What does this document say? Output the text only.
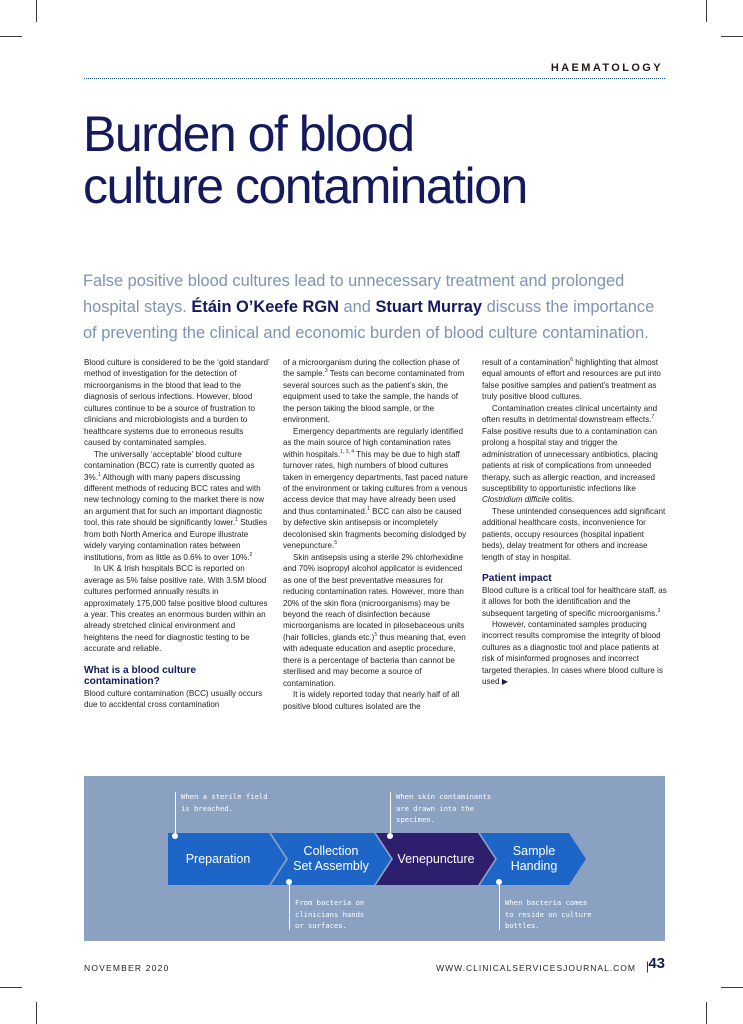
HAEMATOLOGY
Burden of blood
culture contamination
False positive blood cultures lead to unnecessary treatment and prolonged hospital stays. Étáin O’Keefe RGN and Stuart Murray discuss the importance of preventing the clinical and economic burden of blood culture contamination.

Blood culture is considered to be the ‘gold standard’ method of investigation for the detection of microorganisms in the blood that lead to the diagnosis of serious infections. However, blood cultures continue to be a source of frustration to clinicians and microbiologists and a burden to healthcare systems due to erroneous results caused by contaminated samples.

The universally ‘acceptable’ blood culture contamination (BCC) rate is currently quoted as 3%.$^1$ Although with many papers discussing different methods of reducing BCC rates and with new technology coming to the market there is now an argument that for such an important diagnostic tool, this rate should be significantly lower.$^1$ Studies from both North America and Europe illustrate widely varying contamination rates between institutions, from as little as 0.6% to over 10%.$^2$

In UK & Irish hospitals BCC is reported on average as 5% false positive rate. With 3.5M blood cultures performed annually results in approximately 175,000 false positive blood cultures a year. This creates an enormous burden within an already stretched clinical environment and heightens the need for diagnostic testing to be accurate and reliable.

What is a blood culture contamination?

Blood culture contamination (BCC) usually occurs due to accidental cross contamination

of a microorganism during the collection phase of the sample.$^3$ Tests can become contaminated from several sources such as the patient’s skin, the equipment used to take the sample, the hands of the person taking the blood sample, or the environment.

Emergency departments are regularly identified as the main source of high contamination rates within hospitals.$^{1, 3, 4}$ This may be due to high staff turnover rates, high numbers of blood cultures taken in emergency departments, fast paced nature of the environment or taking cultures from a venous access device that may have already been used and thus contaminated.$^1$ BCC can also be caused by defective skin antisepsis or incompletely decolonised skin fragments becoming dislodged by venepuncture.$^5$

Skin antisepsis using a sterile 2% chlorhexidine and 70% isopropyl alcohol applicator is evidenced as one of the best preventative measures for reducing contamination rates. However, more than 20% of the skin flora (microorganisms) may be beyond the reach of disinfection because microorganisms are located in pilosebaceous units (hair follicles, glands etc.)$^5$ thus meaning that, even with adequate education and aseptic procedure, there is a percentage of bacteria than cannot be sterilised and may become a source of contamination.

It is widely reported today that nearly half of all positive blood cultures isolated are the

result of a contamination$^6$ highlighting that almost equal amounts of effort and resources are put into false positive samples and patient’s treatment as truly positive blood cultures.

Contamination creates clinical uncertainty and often results in detrimental downstream effects.$^7$ False positive results due to a contamination can prolong a hospital stay and trigger the administration of unnecessary antibiotics, placing patients at risk of complications from unneeded therapy, such as allergic reaction, and increased susceptibility to opportunistic infections like Clostridium difficile colitis.

These unintended consequences add significant additional healthcare costs, inconvenience for patients, occupy resources (hospital inpatient beds), delay treatment for others and increase length of stay in hospital.

Patient impact

Blood culture is a critical tool for healthcare staff, as it allows for both the identification and the subsequent targeting of specific microorganisms.$^3$

However, contaminated samples producing incorrect results compromise the integrity of blood cultures as a diagnostic tool and place patients at risk of misinformed prognoses and incorrect targeted therapies. In cases where blood culture is used ▶

Preparation
Collection
Set Assembly	Venepuncture
Sample
Handing
When a sterile field
is breached.
From bacteria on
clinicians hands
or surfaces.
When skin contaminants
are drawn into the
specimen.
When bacteria comes
to reside on culture
bottles.
NOVEMBER 2020	WWW.CLINICALSERVICESJOURNAL.COM | 43
